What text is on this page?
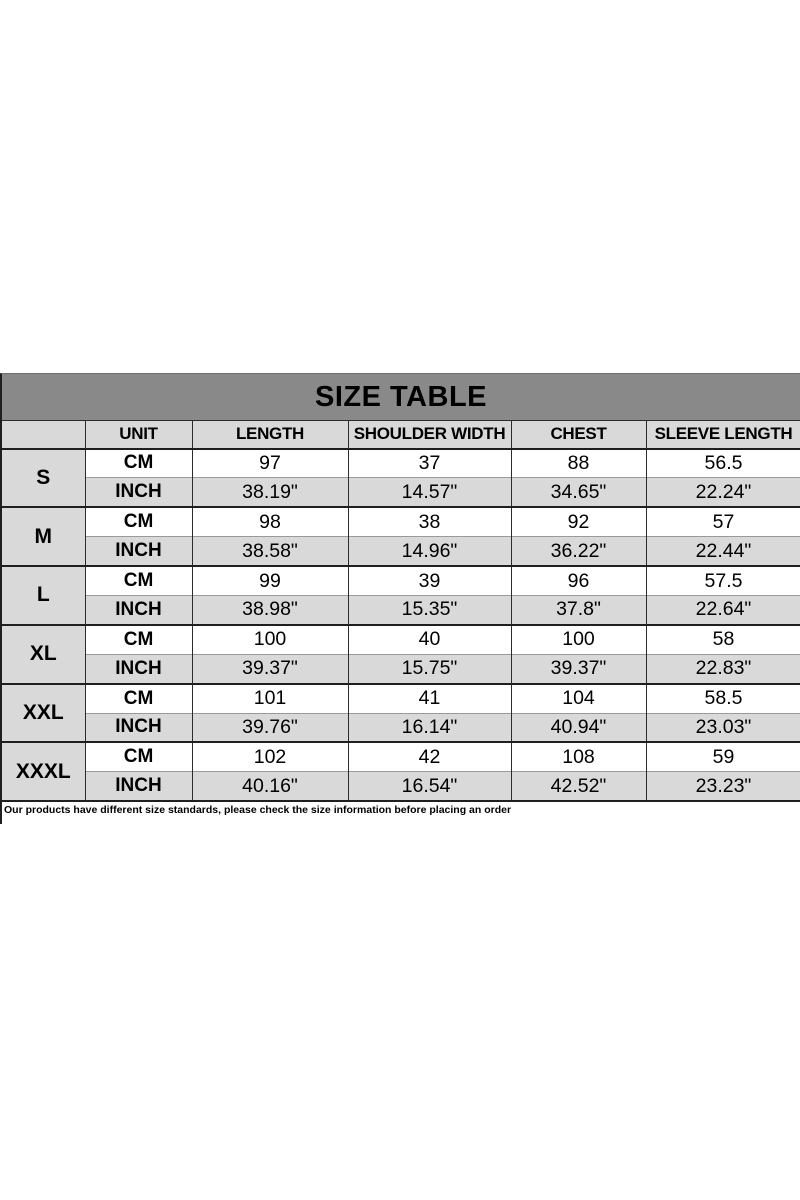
SIZE TABLE
	UNIT	LENGTH	SHOULDER WIDTH	CHEST	SLEEVE LENGTH
S	CM	97	37	88	56.5
	INCH	38.19"	14.57"	34.65"	22.24"
M	CM	98	38	92	57
	INCH	38.58"	14.96"	36.22"	22.44"
L	CM	99	39	96	57.5
	INCH	38.98"	15.35"	37.8"	22.64"
XL	CM	100	40	100	58
	INCH	39.37"	15.75"	39.37"	22.83"
XXL	CM	101	41	104	58.5
	INCH	39.76"	16.14"	40.94"	23.03"
XXXL	CM	102	42	108	59
	INCH	40.16"	16.54"	42.52"	23.23"
Our products have different size standards, please check the size information before placing an order
